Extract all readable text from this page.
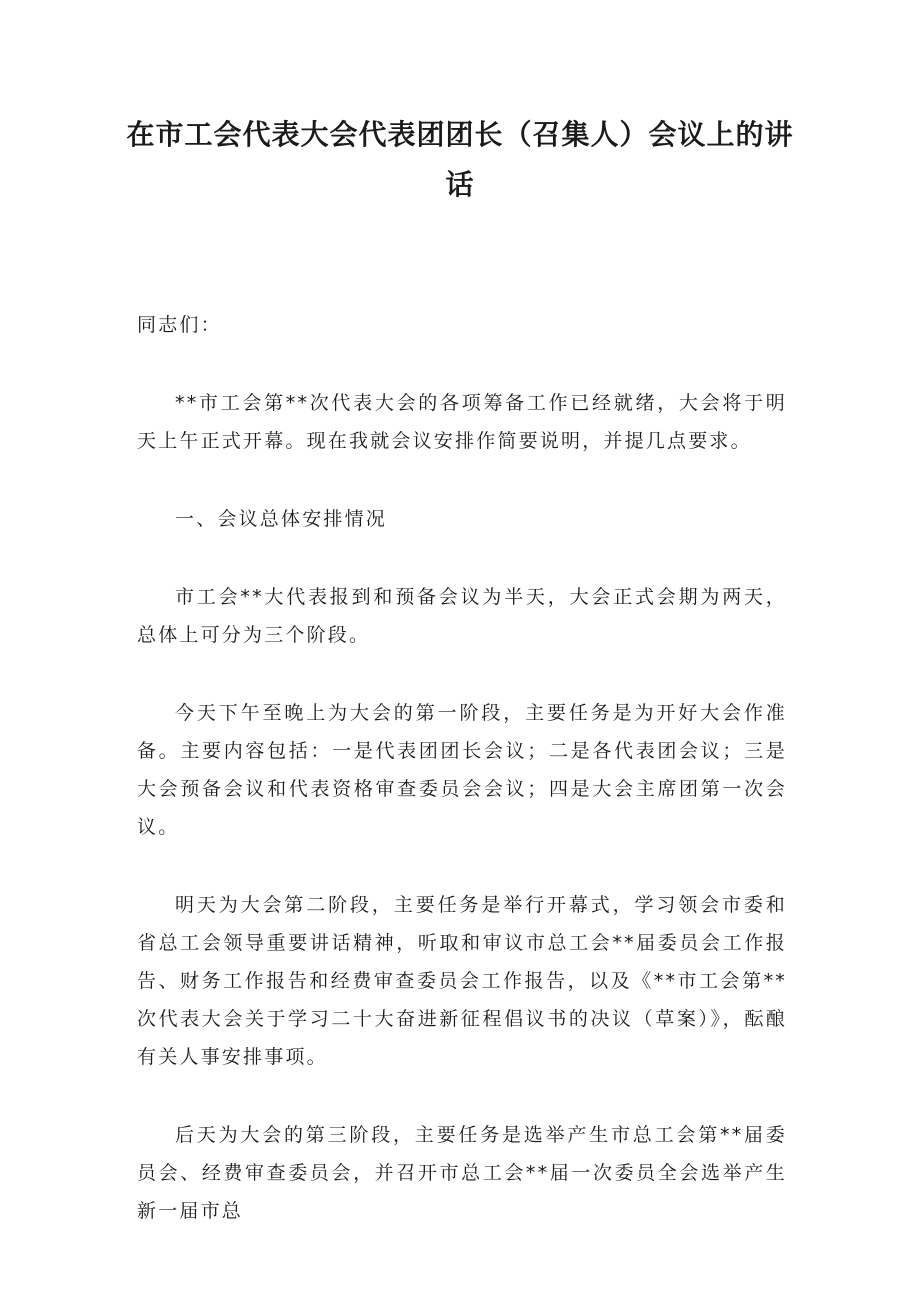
在市工会代表大会代表团团长（召集人）会议上的讲
话

同志们：

**市工会第**次代表大会的各项筹备工作已经就绪，大会将于明天上午正式开幕。现在我就会议安排作简要说明，并提几点要求。

一、会议总体安排情况

市工会**大代表报到和预备会议为半天，大会正式会期为两天，总体上可分为三个阶段。

今天下午至晚上为大会的第一阶段，主要任务是为开好大会作准备。主要内容包括：一是代表团团长会议；二是各代表团会议；三是大会预备会议和代表资格审查委员会会议；四是大会主席团第一次会议。

明天为大会第二阶段，主要任务是举行开幕式，学习领会市委和省总工会领导重要讲话精神，听取和审议市总工会**届委员会工作报告、财务工作报告和经费审查委员会工作报告，以及《**市工会第**次代表大会关于学习二十大奋进新征程倡议书的决议（草案）》，酝酿有关人事安排事项。

后天为大会的第三阶段，主要任务是选举产生市总工会第**届委员会、经费审查委员会，并召开市总工会**届一次委员全会选举产生新一届市总
